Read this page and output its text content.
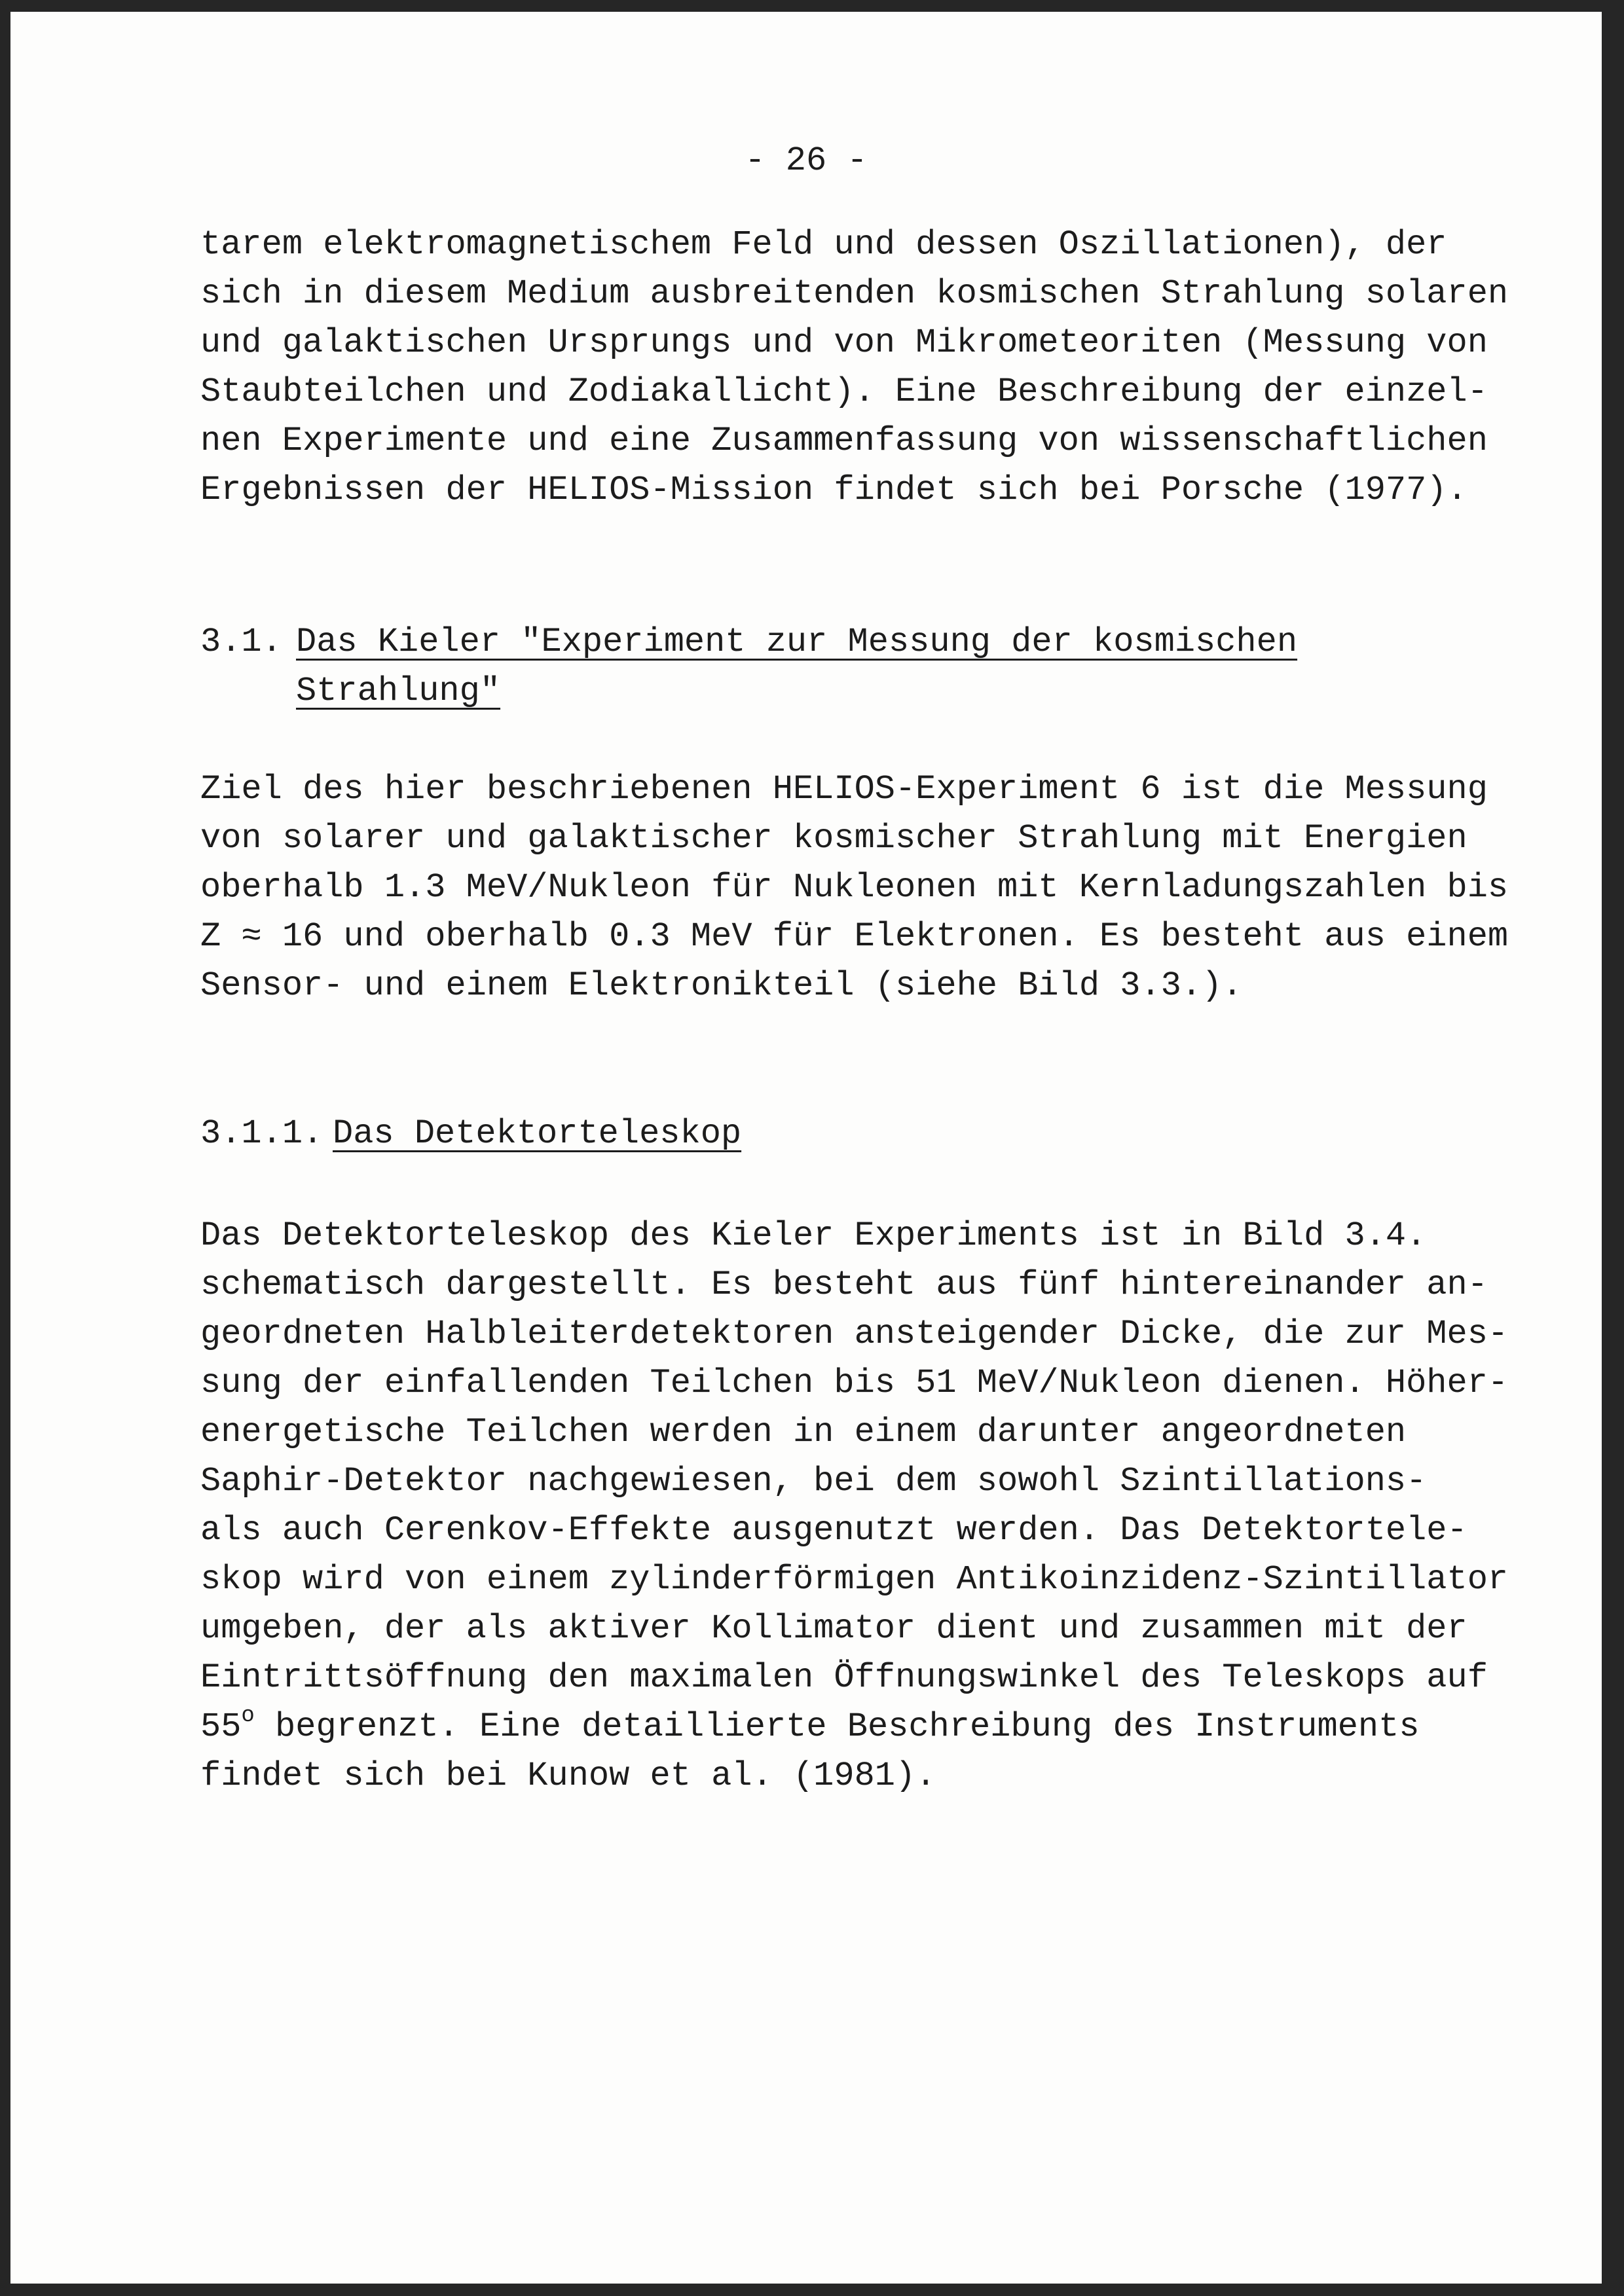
- 26 -
tarem elektromagnetischem Feld und dessen Oszillationen), der
sich in diesem Medium ausbreitenden kosmischen Strahlung solaren
und galaktischen Ursprungs und von Mikrometeoriten (Messung von
Staubteilchen und Zodiakallicht). Eine Beschreibung der einzel-
nen Experimente und eine Zusammenfassung von wissenschaftlichen
Ergebnissen der HELIOS-Mission findet sich bei Porsche (1977).
3.1. Das Kieler "Experiment zur Messung der kosmischen
Strahlung"
Ziel des hier beschriebenen HELIOS-Experiment 6 ist die Messung
von solarer und galaktischer kosmischer Strahlung mit Energien
oberhalb 1.3 MeV/Nukleon für Nukleonen mit Kernladungszahlen bis
Z ≈ 16 und oberhalb 0.3 MeV für Elektronen. Es besteht aus einem
Sensor- und einem Elektronikteil (siehe Bild 3.3.).
3.1.1. Das Detektorteleskop
Das Detektorteleskop des Kieler Experiments ist in Bild 3.4.
schematisch dargestellt. Es besteht aus fünf hintereinander an-
geordneten Halbleiterdetektoren ansteigender Dicke, die zur Mes-
sung der einfallenden Teilchen bis 51 MeV/Nukleon dienen. Höher-
energetische Teilchen werden in einem darunter angeordneten
Saphir-Detektor nachgewiesen, bei dem sowohl Szintillations-
als auch Cerenkov-Effekte ausgenutzt werden. Das Detektortele-
skop wird von einem zylinderförmigen Antikoinzidenz-Szintillator
umgeben, der als aktiver Kollimator dient und zusammen mit der
Eintrittsöffnung den maximalen Öffnungswinkel des Teleskops auf
55$^o$ begrenzt. Eine detaillierte Beschreibung des Instruments
findet sich bei Kunow et al. (1981).
